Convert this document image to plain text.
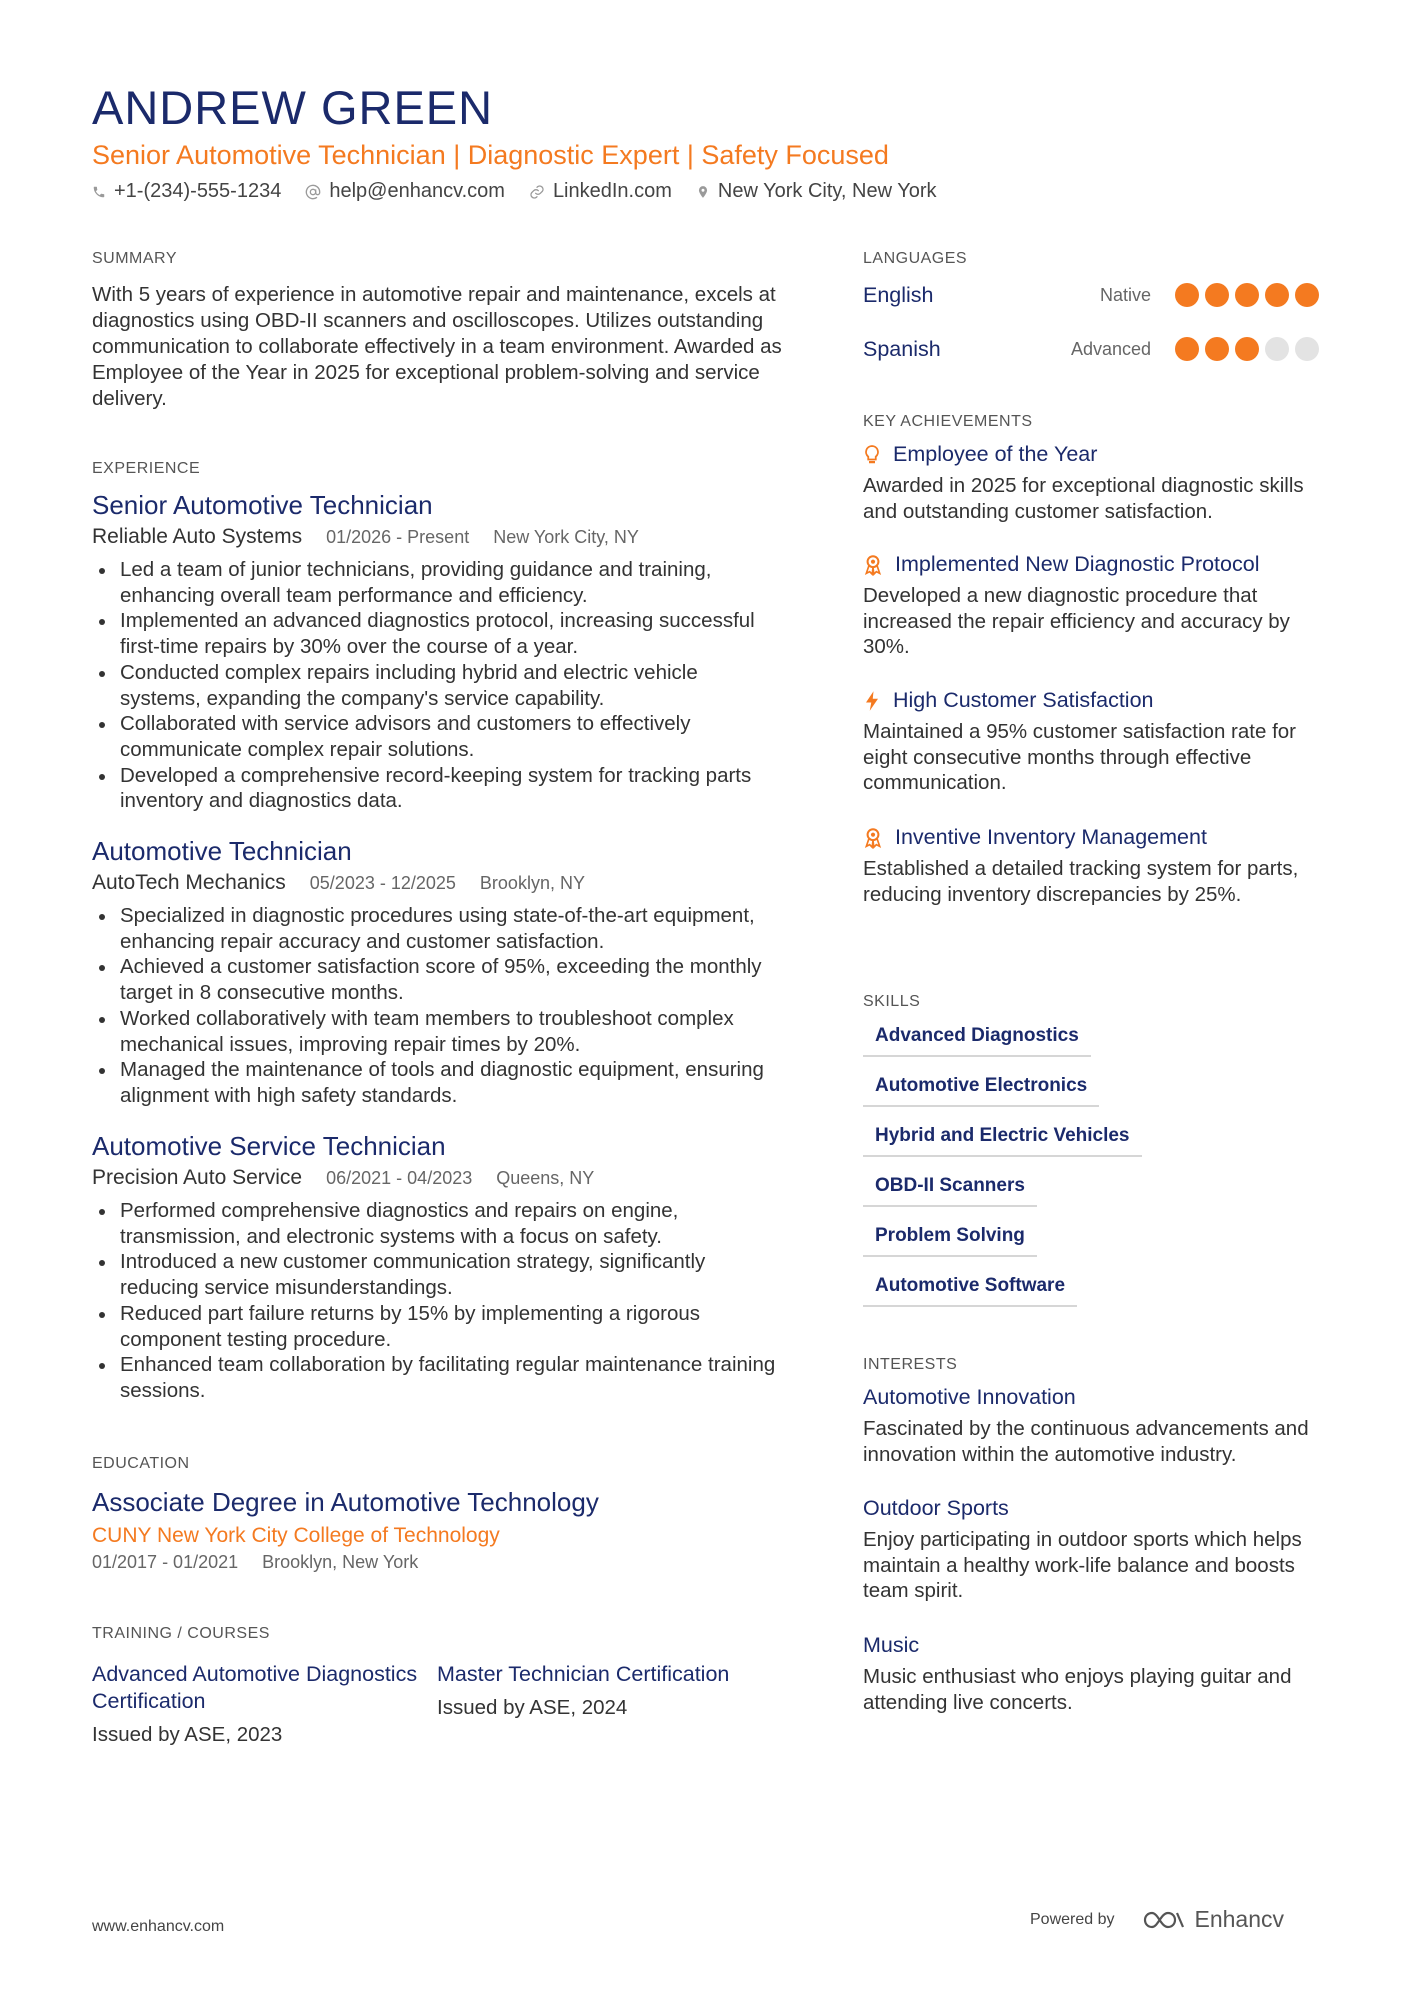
ANDREW GREEN
Senior Automotive Technician | Diagnostic Expert | Safety Focused
+1-(234)-555-1234 help@enhancv.com LinkedIn.com New York City, New York
SUMMARY
With 5 years of experience in automotive repair and maintenance, excels at diagnostics using OBD-II scanners and oscilloscopes. Utilizes outstanding communication to collaborate effectively in a team environment. Awarded as Employee of the Year in 2025 for exceptional problem-solving and service delivery.
EXPERIENCE
Senior Automotive Technician
Reliable Auto Systems 01/2026 - Present New York City, NY
Led a team of junior technicians, providing guidance and training, enhancing overall team performance and efficiency.
Implemented an advanced diagnostics protocol, increasing successful first-time repairs by 30% over the course of a year.
Conducted complex repairs including hybrid and electric vehicle systems, expanding the company's service capability.
Collaborated with service advisors and customers to effectively communicate complex repair solutions.
Developed a comprehensive record-keeping system for tracking parts inventory and diagnostics data.
Automotive Technician
AutoTech Mechanics 05/2023 - 12/2025 Brooklyn, NY
Specialized in diagnostic procedures using state-of-the-art equipment, enhancing repair accuracy and customer satisfaction.
Achieved a customer satisfaction score of 95%, exceeding the monthly target in 8 consecutive months.
Worked collaboratively with team members to troubleshoot complex mechanical issues, improving repair times by 20%.
Managed the maintenance of tools and diagnostic equipment, ensuring alignment with high safety standards.
Automotive Service Technician
Precision Auto Service 06/2021 - 04/2023 Queens, NY
Performed comprehensive diagnostics and repairs on engine, transmission, and electronic systems with a focus on safety.
Introduced a new customer communication strategy, significantly reducing service misunderstandings.
Reduced part failure returns by 15% by implementing a rigorous component testing procedure.
Enhanced team collaboration by facilitating regular maintenance training sessions.
EDUCATION
Associate Degree in Automotive Technology
CUNY New York City College of Technology
01/2017 - 01/2021 Brooklyn, New York
TRAINING / COURSES
Advanced Automotive Diagnostics Certification
Issued by ASE, 2023
Master Technician Certification
Issued by ASE, 2024
LANGUAGES
English	Native
Spanish	Advanced
KEY ACHIEVEMENTS
Employee of the Year
Awarded in 2025 for exceptional diagnostic skills and outstanding customer satisfaction.
Implemented New Diagnostic Protocol
Developed a new diagnostic procedure that increased the repair efficiency and accuracy by 30%.
High Customer Satisfaction
Maintained a 95% customer satisfaction rate for eight consecutive months through effective communication.
Inventive Inventory Management
Established a detailed tracking system for parts, reducing inventory discrepancies by 25%.
SKILLS
Advanced Diagnostics
Automotive Electronics
Hybrid and Electric Vehicles
OBD-II Scanners
Problem Solving
Automotive Software
INTERESTS
Automotive Innovation
Fascinated by the continuous advancements and innovation within the automotive industry.
Outdoor Sports
Enjoy participating in outdoor sports which helps maintain a healthy work-life balance and boosts team spirit.
Music
Music enthusiast who enjoys playing guitar and attending live concerts.
www.enhancv.com	Powered by	Enhancv
